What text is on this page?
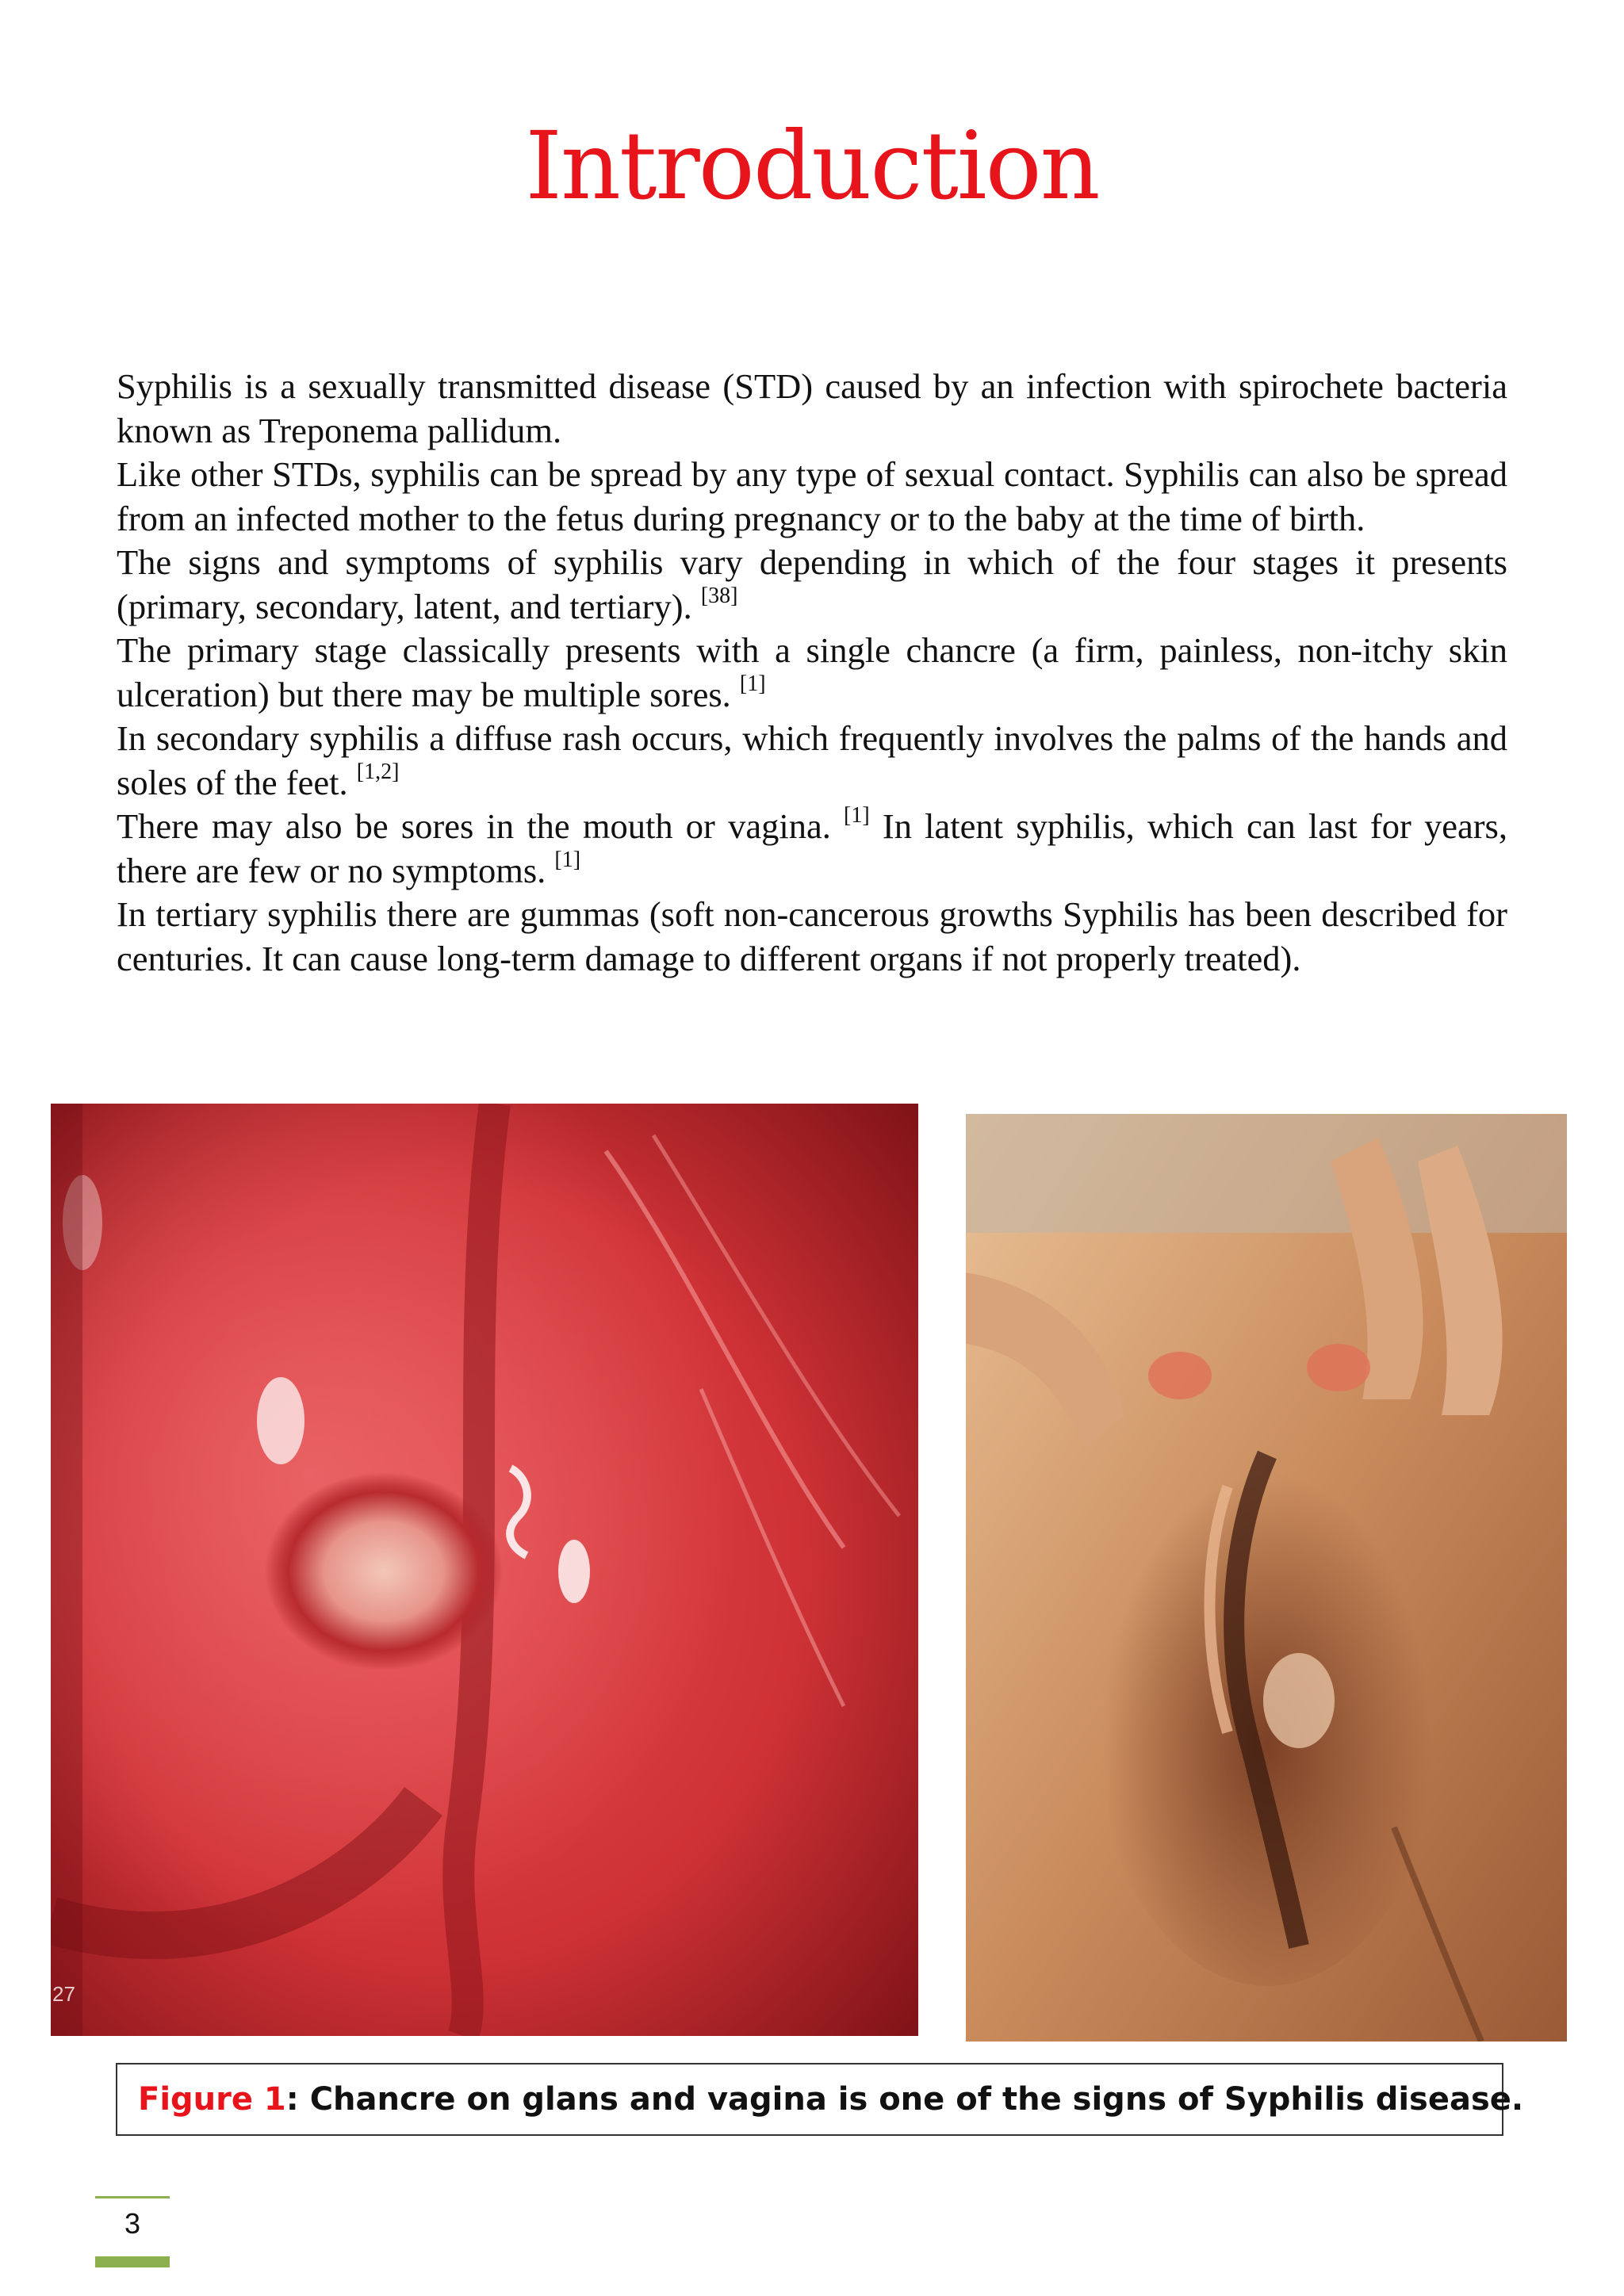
Introduction

Syphilis is a sexually transmitted disease (STD) caused by an infection with spirochete bacteria known as Treponema pallidum.

Like other STDs, syphilis can be spread by any type of sexual contact. Syphilis can also be spread from an infected mother to the fetus during pregnancy or to the baby at the time of birth.

The signs and symptoms of syphilis vary depending in which of the four stages it presents (primary, secondary, latent, and tertiary). [38]

The primary stage classically presents with a single chancre (a firm, painless, non-itchy skin ulceration) but there may be multiple sores. [1]

In secondary syphilis a diffuse rash occurs, which frequently involves the palms of the hands and soles of the feet. [1,2]

There may also be sores in the mouth or vagina. [1] In latent syphilis, which can last for years, there are few or no symptoms. [1]

In tertiary syphilis there are gummas (soft non-cancerous growths Syphilis has been described for centuries. It can cause long-term damage to different organs if not properly treated).

27
Figure 1 : Chancre on glans and vagina is one of the signs of Syphilis disease.
3
